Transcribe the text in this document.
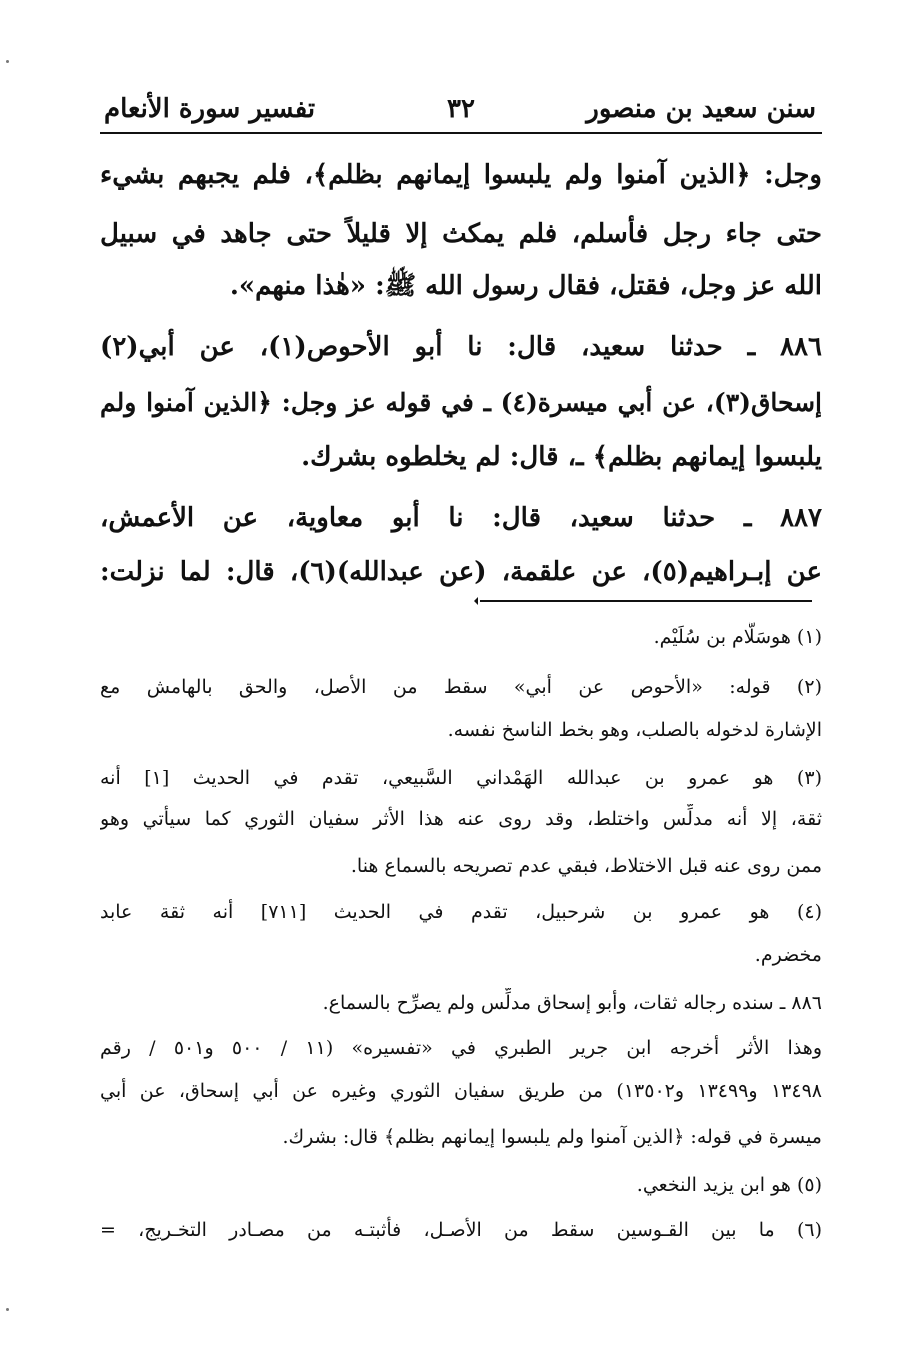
سنن سعيد بن منصور
٣٢
تفسير سورة الأنعام
وجل: ﴿الذين آمنوا ولم يلبسوا إيمانهم بظلم﴾، فلم يجبهم بشيء
حتى جاء رجل فأسلم، فلم يمكث إلا قليلاً حتى جاهد في سبيل
الله عز وجل، فقتل، فقال رسول الله ﷺ: «هٰذا منهم».
٨٨٦ ـ حدثنا سعيد، قال: نا أبو الأحوص(١)، عن أبي(٢)
إسحاق(٣)، عن أبي ميسرة(٤) ـ في قوله عز وجل: ﴿الذين آمنوا ولم
يلبسوا إيمانهم بظلم﴾ ـ، قال: لم يخلطوه بشرك.
٨٨٧ ـ حدثنا سعيد، قال: نا أبو معاوية، عن الأعمش،
عن إبـراهيم(٥)، عن علقمة، (عن عبدالله)(٦)، قال: لما نزلت:
(١) هوسَلَّام بن سُلَيْم.
(٢) قوله: «الأحوص عن أبي» سقط من الأصل، والحق بالهامش مع
الإشارة لدخوله بالصلب، وهو بخط الناسخ نفسه.
(٣) هو عمرو بن عبدالله الهَمْداني السَّبيعي، تقدم في الحديث [١] أنه
ثقة، إلا أنه مدلِّس واختلط، وقد روى عنه هذا الأثر سفيان الثوري كما سيأتي وهو
ممن روى عنه قبل الاختلاط، فبقي عدم تصريحه بالسماع هنا.
(٤) هو عمرو بن شرحبيل، تقدم في الحديث [٧١١] أنه ثقة عابد
مخضرم.
٨٨٦ ـ سنده رجاله ثقات، وأبو إسحاق مدلِّس ولم يصرِّح بالسماع.
وهذا الأثر أخرجه ابن جرير الطبري في «تفسيره» (١١ / ٥٠٠ و٥٠١ / رقم
١٣٤٩٨ و١٣٤٩٩ و١٣٥٠٢) من طريق سفيان الثوري وغيره عن أبي إسحاق، عن أبي
ميسرة في قوله: ﴿الذين آمنوا ولم يلبسوا إيمانهم بظلم﴾ قال: بشرك.
(٥) هو ابن يزيد النخعي.
(٦) ما بين القـوسين سقط من الأصـل، فأثبتـه من مصـادر التخـريج، =
